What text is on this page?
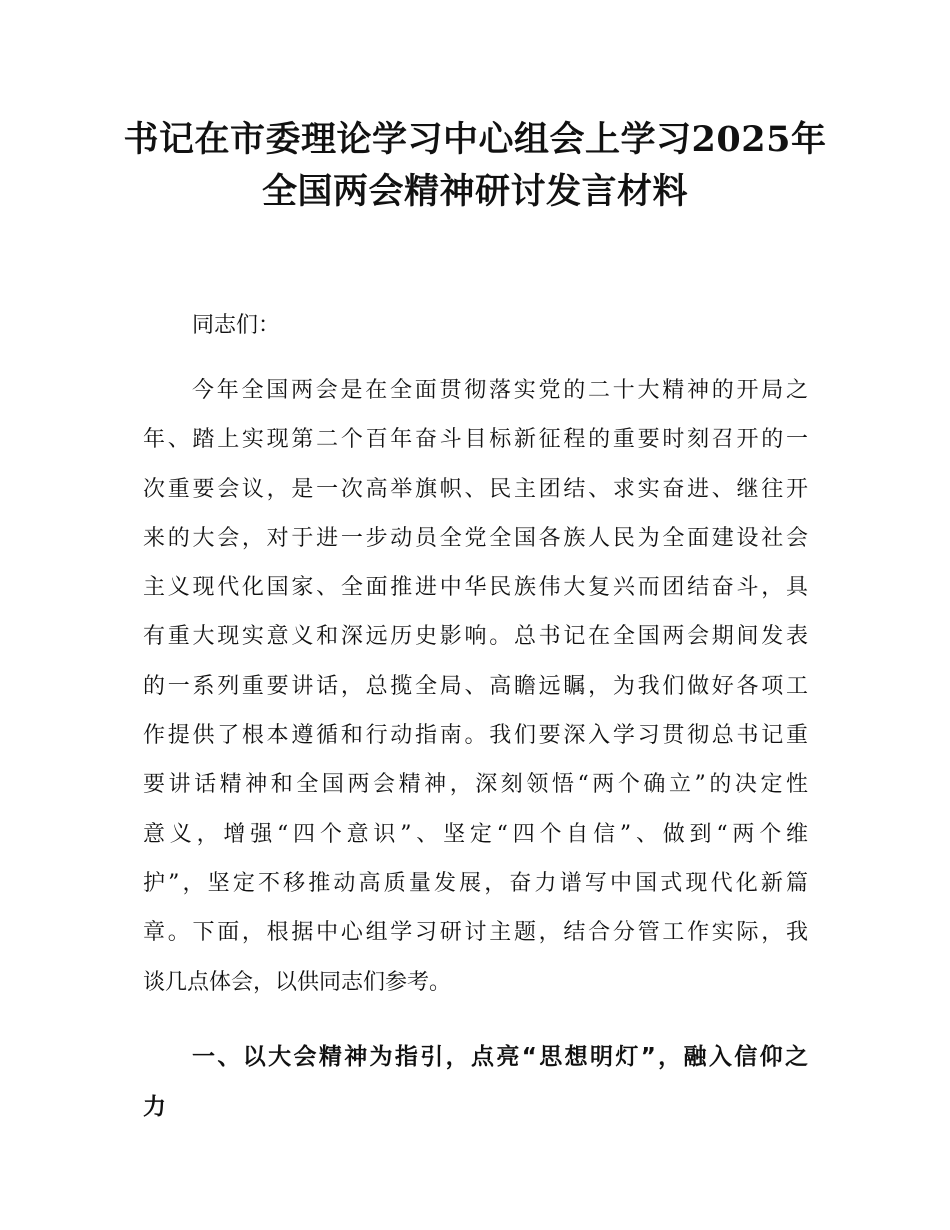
书记在市委理论学习中心组会上学习2025年
全国两会精神研讨发言材料

同志们：

今年全国两会是在全面贯彻落实党的二十大精神的开局之
年、踏上实现第二个百年奋斗目标新征程的重要时刻召开的一
次重要会议，是一次高举旗帜、民主团结、求实奋进、继往开
来的大会，对于进一步动员全党全国各族人民为全面建设社会
主义现代化国家、全面推进中华民族伟大复兴而团结奋斗，具
有重大现实意义和深远历史影响。总书记在全国两会期间发表
的一系列重要讲话，总揽全局、高瞻远瞩，为我们做好各项工
作提供了根本遵循和行动指南。我们要深入学习贯彻总书记重
要讲话精神和全国两会精神，深刻领悟“两个确立”的决定性
意义，增强“四个意识”、坚定“四个自信”、做到“两个维
护”，坚定不移推动高质量发展，奋力谱写中国式现代化新篇
章。下面，根据中心组学习研讨主题，结合分管工作实际，我
谈几点体会，以供同志们参考。
一、以大会精神为指引，点亮“思想明灯”，融入信仰之
力
